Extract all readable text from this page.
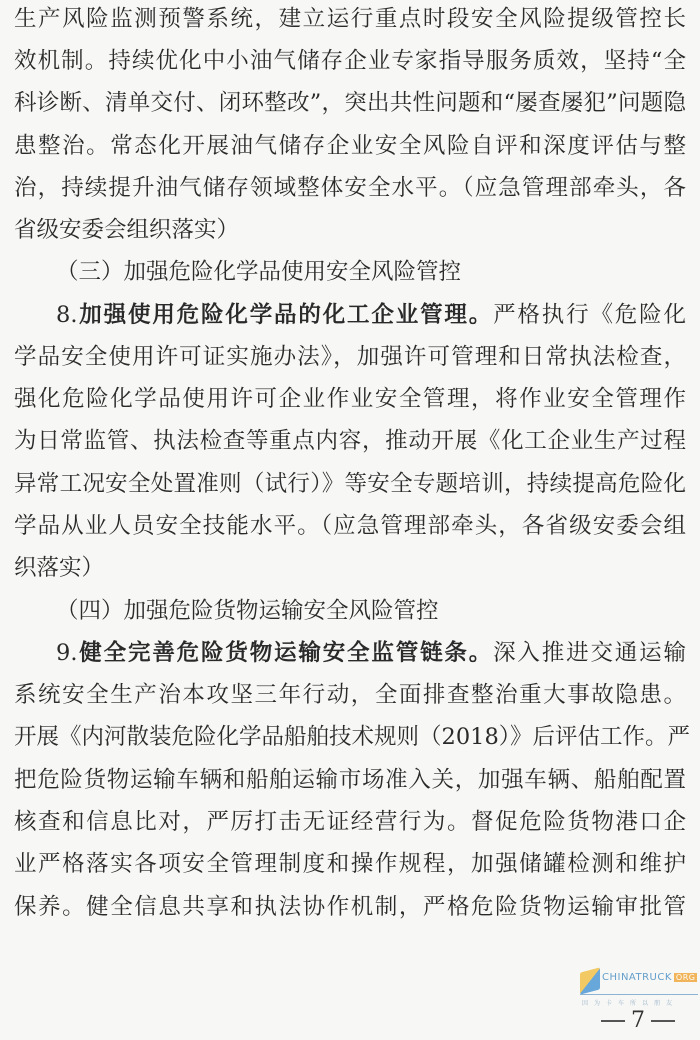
生产风险监测预警系统，建立运行重点时段安全风险提级管控长
效机制。持续优化中小油气储存企业专家指导服务质效，坚持“全
科诊断、清单交付、闭环整改”，突出共性问题和“屡查屡犯”问题隐
患整治。常态化开展油气储存企业安全风险自评和深度评估与整
治，持续提升油气储存领域整体安全水平。（应急管理部牵头，各
省级安委会组织落实）
（三）加强危险化学品使用安全风险管控
8.加强使用危险化学品的化工企业管理。严格执行《危险化
学品安全使用许可证实施办法》，加强许可管理和日常执法检查，
强化危险化学品使用许可企业作业安全管理，将作业安全管理作
为日常监管、执法检查等重点内容，推动开展《化工企业生产过程
异常工况安全处置准则（试行）》等安全专题培训，持续提高危险化
学品从业人员安全技能水平。（应急管理部牵头，各省级安委会组
织落实）
（四）加强危险货物运输安全风险管控
9.健全完善危险货物运输安全监管链条。深入推进交通运输
系统安全生产治本攻坚三年行动，全面排查整治重大事故隐患。
开展《内河散装危险化学品船舶技术规则（2018）》后评估工作。严
把危险货物运输车辆和船舶运输市场准入关，加强车辆、船舶配置
核查和信息比对，严厉打击无证经营行为。督促危险货物港口企
业严格落实各项安全管理制度和操作规程，加强储罐检测和维护
保养。健全信息共享和执法协作机制，严格危险货物运输审批管
CHINATRUCK ORG
因为卡车所以朋友
7
